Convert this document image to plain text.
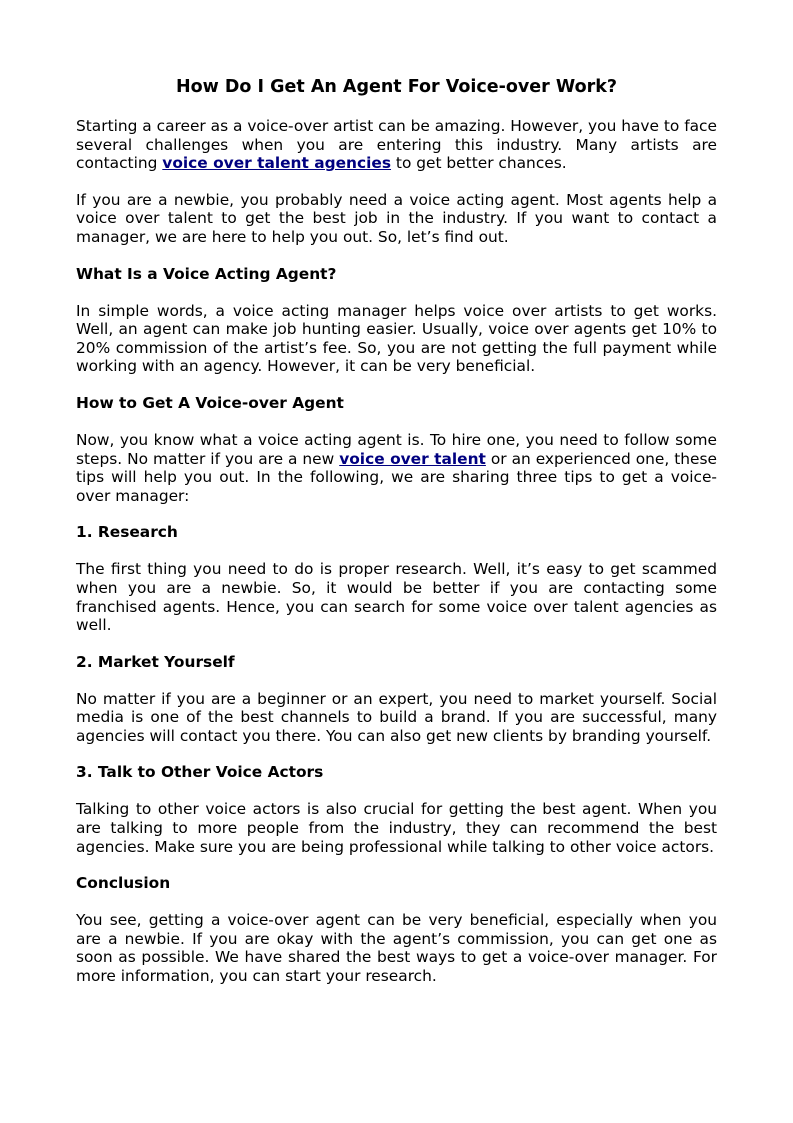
How Do I Get An Agent For Voice-over Work?

Starting a career as a voice-over artist can be amazing. However, you have to face several challenges when you are entering this industry. Many artists are contacting voice over talent agencies to get better chances.

If you are a newbie, you probably need a voice acting agent. Most agents help a voice over talent to get the best job in the industry. If you want to contact a manager, we are here to help you out. So, let’s find out.

What Is a Voice Acting Agent?

In simple words, a voice acting manager helps voice over artists to get works. Well, an agent can make job hunting easier. Usually, voice over agents get 10% to 20% commission of the artist’s fee. So, you are not getting the full payment while working with an agency. However, it can be very beneficial.

How to Get A Voice-over Agent

Now, you know what a voice acting agent is. To hire one, you need to follow some steps. No matter if you are a new voice over talent or an experienced one, these tips will help you out. In the following, we are sharing three tips to get a voice-over manager:

1. Research

The first thing you need to do is proper research. Well, it’s easy to get scammed when you are a newbie. So, it would be better if you are contacting some franchised agents. Hence, you can search for some voice over talent agencies as well.

2. Market Yourself

No matter if you are a beginner or an expert, you need to market yourself. Social media is one of the best channels to build a brand. If you are successful, many agencies will contact you there. You can also get new clients by branding yourself.

3. Talk to Other Voice Actors

Talking to other voice actors is also crucial for getting the best agent. When you are talking to more people from the industry, they can recommend the best agencies. Make sure you are being professional while talking to other voice actors.

Conclusion

You see, getting a voice-over agent can be very beneficial, especially when you are a newbie. If you are okay with the agent’s commission, you can get one as soon as possible. We have shared the best ways to get a voice-over manager. For more information, you can start your research.
